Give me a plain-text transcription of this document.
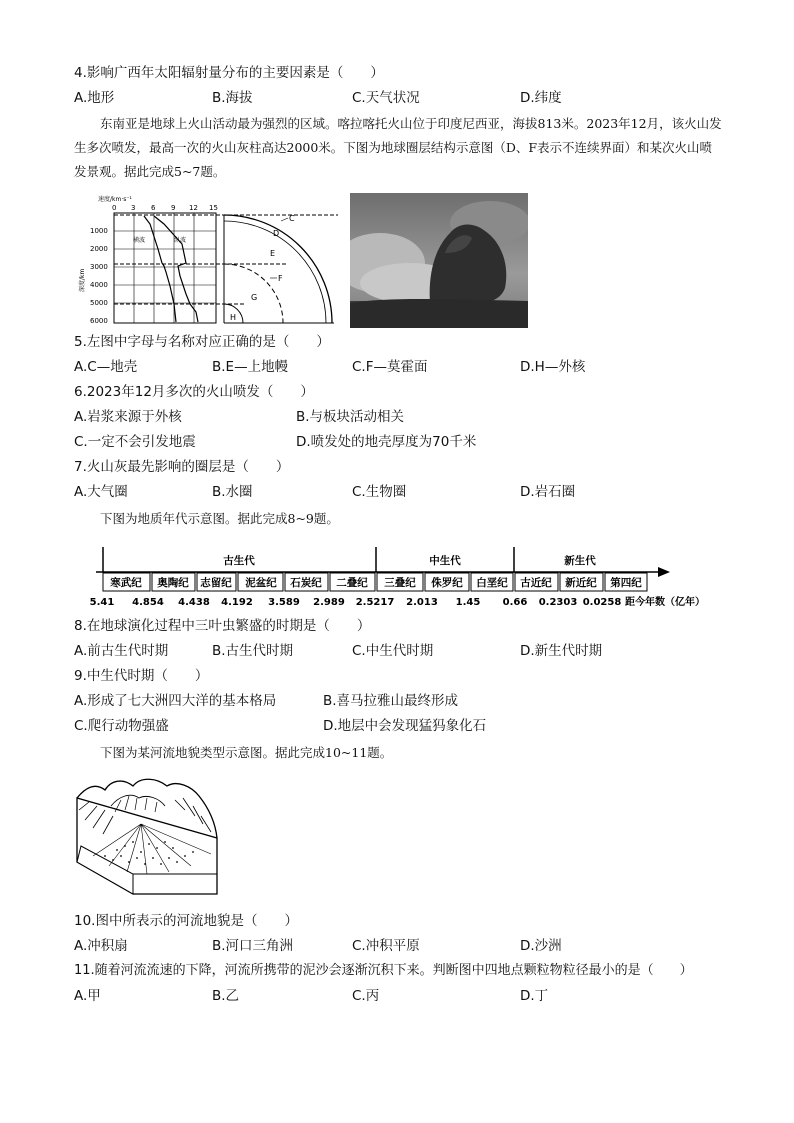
4.影响广西年太阳辐射量分布的主要因素是（　　）
A.地形	B.海拔	C.天气状况	D.纬度
东南亚是地球上火山活动最为强烈的区域。喀拉喀托火山位于印度尼西亚，海拔813米。2023年12月，该火山发生多次喷发，最高一次的火山灰柱高达2000米。下图为地球圈层结构示意图（D、F表示不连续界面）和某次火山喷发景观。据此完成5~7题。
速度/km·s⁻¹
0 3 6 9 12 15
1000
2000
3000
4000
5000
6000
深度/km
横波	纵波
C
D
E
F
G
H
5.左图中字母与名称对应正确的是（　　）
A.C—地壳	B.E—上地幔	C.F—莫霍面	D.H—外核
6.2023年12月多次的火山喷发（　　）
A.岩浆来源于外核	B.与板块活动相关
C.一定不会引发地震	D.喷发处的地壳厚度为70千米
7.火山灰最先影响的圈层是（　　）
A.大气圈	B.水圈	C.生物圈	D.岩石圈
下图为地质年代示意图。据此完成8~9题。
古生代	中生代	新生代
寒武纪 奥陶纪 志留纪 泥盆纪 石炭纪 二叠纪 三叠纪 侏罗纪 白垩纪 古近纪 新近纪 第四纪
5.41 4.854 4.438 4.192 3.589 2.989 2.5217 2.013 1.45 0.66 0.2303 0.0258 距今年数（亿年）
8.在地球演化过程中三叶虫繁盛的时期是（　　）
A.前古生代时期	B.古生代时期	C.中生代时期	D.新生代时期
9.中生代时期（　　）
A.形成了七大洲四大洋的基本格局	B.喜马拉雅山最终形成
C.爬行动物强盛	D.地层中会发现猛犸象化石
下图为某河流地貌类型示意图。据此完成10~11题。
10.图中所表示的河流地貌是（　　）
A.冲积扇	B.河口三角洲	C.冲积平原	D.沙洲
11.随着河流流速的下降，河流所携带的泥沙会逐渐沉积下来。判断图中四地点颗粒物粒径最小的是（　　）
A.甲	B.乙	C.丙	D.丁
